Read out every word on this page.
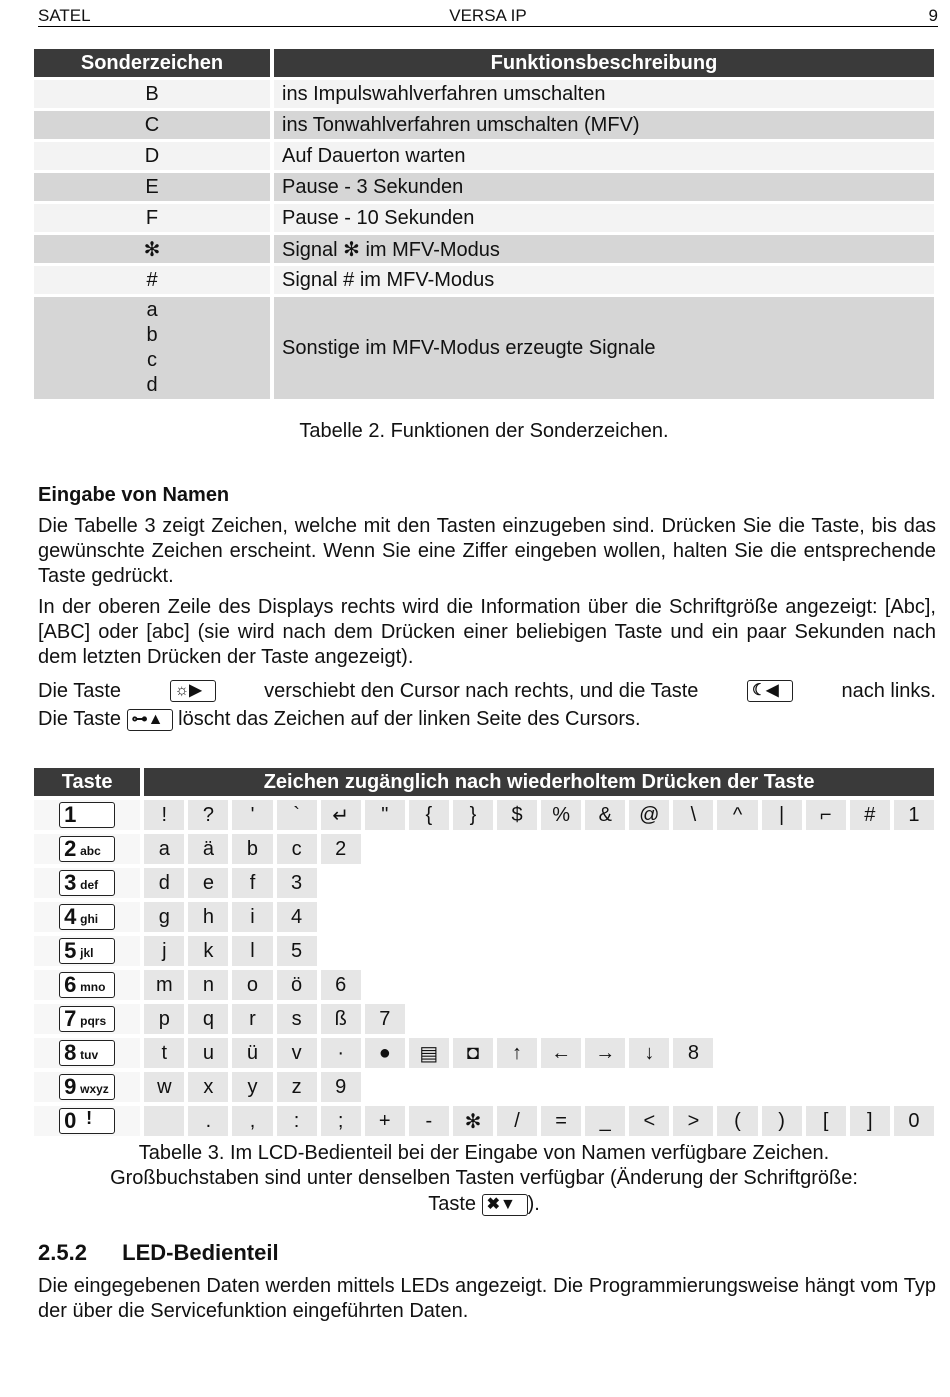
SATEL	VERSA IP	9
Sonderzeichen	Funktionsbeschreibung
B	ins Impulswahlverfahren umschalten
C	ins Tonwahlverfahren umschalten (MFV)
D	Auf Dauerton warten
E	Pause - 3 Sekunden
F	Pause - 10 Sekunden
✻	Signal ✻ im MFV-Modus
#	Signal # im MFV-Modus
a
b
c
d	Sonstige im MFV-Modus erzeugte Signale
Tabelle 2. Funktionen der Sonderzeichen.
Eingabe von Namen
Die Tabelle 3 zeigt Zeichen, welche mit den Tasten einzugeben sind. Drücken Sie die Taste, bis das gewünschte Zeichen erscheint. Wenn Sie eine Ziffer eingeben wollen, halten Sie die entsprechende Taste gedrückt.
In der oberen Zeile des Displays rechts wird die Information über die Schriftgröße angezeigt: [Abc], [ABC] oder [abc] (sie wird nach dem Drücken einer beliebigen Taste und ein paar Sekunden nach dem letzten Drücken der Taste angezeigt).
Die Taste	☼▶	verschiebt den Cursor nach rechts, und die Taste	☾◀	nach links.
Die Taste ⊶▲ löscht das Zeichen auf der linken Seite des Cursors.
Taste	Zeichen zugänglich nach wiederholtem Drücken der Taste																	

1	!	?	'	`	↵	"	{	}	$	%	&	@	\	^	|	⌐	#	1

2 abc	a	ä	b	c	2													

3 def	d	e	f	3														

4 ghi	g	h	i	4														

5 jkl	j	k	l	5														

6 mno	m	n	o	ö	6													

7 pqrs	p	q	r	s	ß	7												

8 tuv	t	u	ü	v	·	●	▤	◘	↑	←	→	↓	8					

9 wxyz	w	x	y	z	9													

0 !		.	,	:	;	+	-	✻	/	=	_	<	>	(	)	[	]	0
Tabelle 3. Im LCD-Bedienteil bei der Eingabe von Namen verfügbare Zeichen.
Großbuchstaben sind unter denselben Tasten verfügbar (Änderung der Schriftgröße:
Taste ✖▼ ).
2.5.2 LED-Bedienteil
Die eingegebenen Daten werden mittels LEDs angezeigt. Die Programmierungsweise hängt vom Typ der über die Servicefunktion eingeführten Daten.
